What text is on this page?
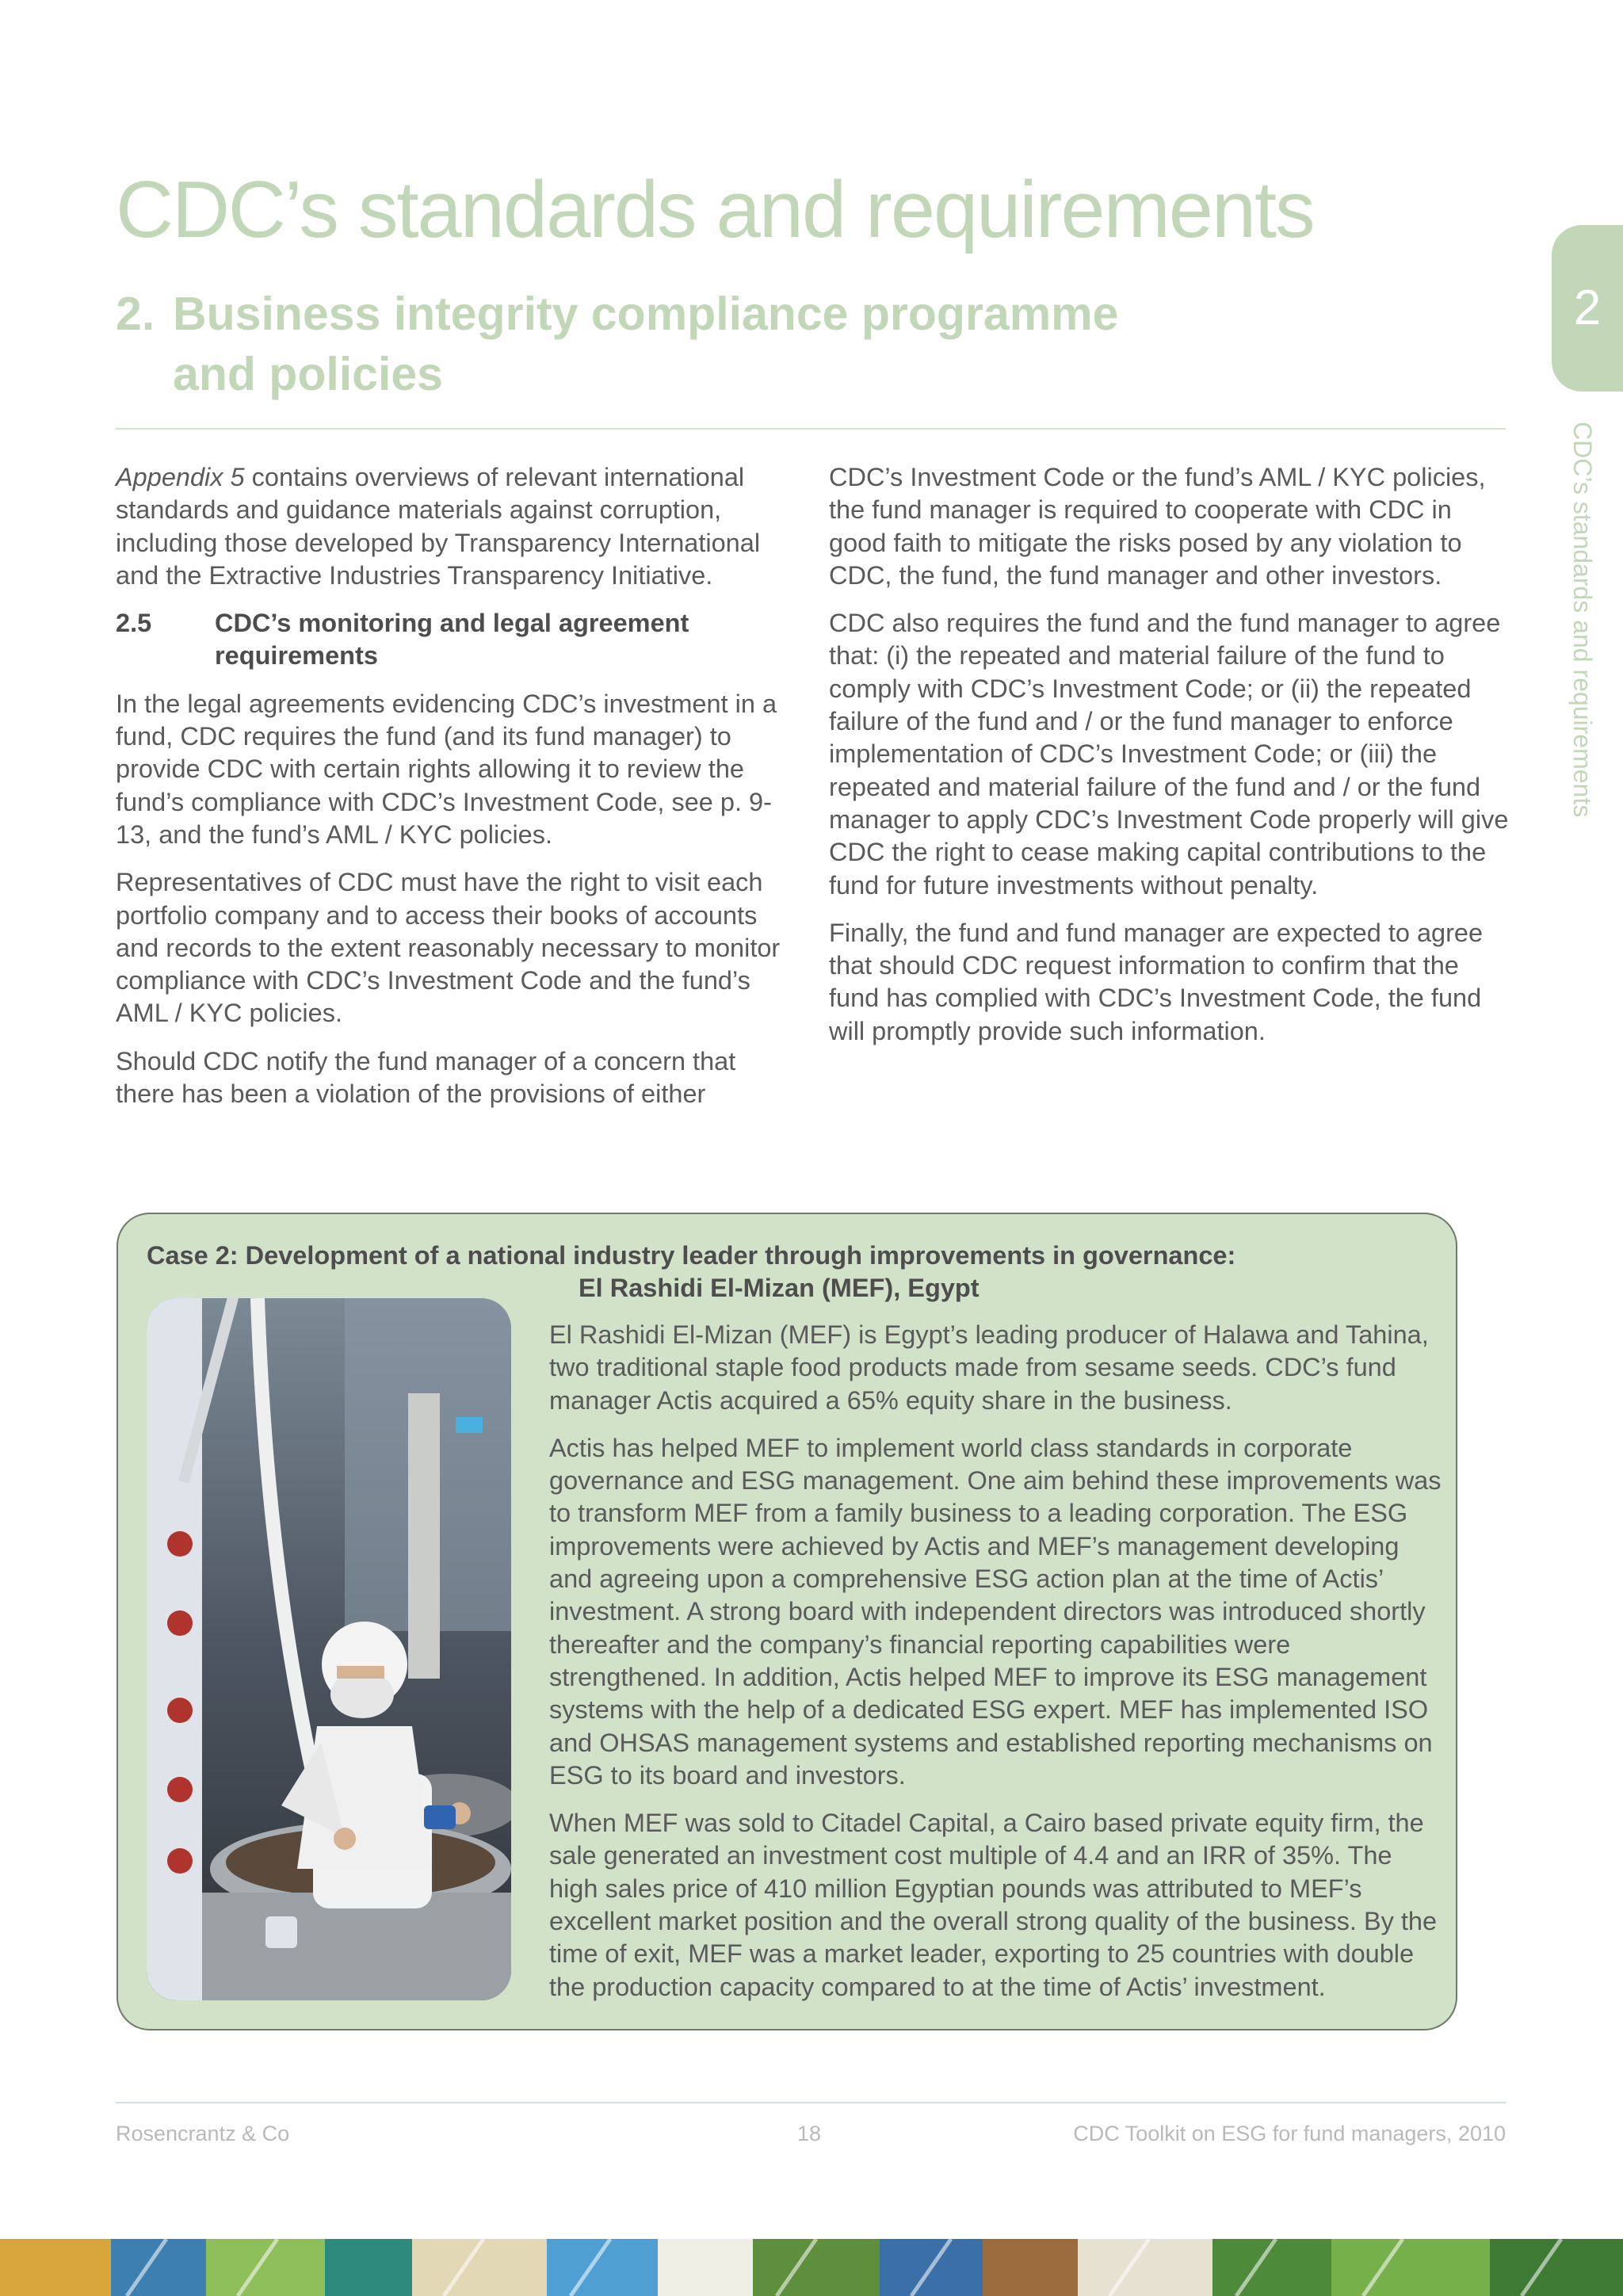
CDC’s standards and requirements
2. Business integrity compliance programme
and policies
2
CDC’s standards and requirements

Appendix 5 contains overviews of relevant international standards and guidance materials against corruption, including those developed by Transparency International and the Extractive Industries Transparency Initiative.

2.5	CDC’s monitoring and legal agreement requirements

In the legal agreements evidencing CDC’s investment in a fund, CDC requires the fund (and its fund manager) to provide CDC with certain rights allowing it to review the fund’s compliance with CDC’s Investment Code, see p. 9-13, and the fund’s AML / KYC policies.

Representatives of CDC must have the right to visit each portfolio company and to access their books of accounts and records to the extent reasonably necessary to monitor compliance with CDC’s Investment Code and the fund’s AML / KYC policies.

Should CDC notify the fund manager of a concern that there has been a violation of the provisions of either

CDC’s Investment Code or the fund’s AML / KYC policies, the fund manager is required to cooperate with CDC in good faith to mitigate the risks posed by any violation to CDC, the fund, the fund manager and other investors.

CDC also requires the fund and the fund manager to agree that: (i) the repeated and material failure of the fund to comply with CDC’s Investment Code; or (ii) the repeated failure of the fund and / or the fund manager to enforce implementation of CDC’s Investment Code; or (iii) the repeated and material failure of the fund and / or the fund manager to apply CDC’s Investment Code properly will give CDC the right to cease making capital contributions to the fund for future investments without penalty.

Finally, the fund and fund manager are expected to agree that should CDC request information to confirm that the fund has complied with CDC’s Investment Code, the fund will promptly provide such information.

Case 2: Development of a national industry leader through improvements in governance:
El Rashidi El-Mizan (MEF), Egypt

El Rashidi El-Mizan (MEF) is Egypt’s leading producer of Halawa and Tahina, two traditional staple food products made from sesame seeds. CDC’s fund manager Actis acquired a 65% equity share in the business.

Actis has helped MEF to implement world class standards in corporate governance and ESG management. One aim behind these improvements was to transform MEF from a family business to a leading corporation. The ESG improvements were achieved by Actis and MEF’s management developing and agreeing upon a comprehensive ESG action plan at the time of Actis’ investment. A strong board with independent directors was introduced shortly thereafter and the company’s financial reporting capabilities were strengthened. In addition, Actis helped MEF to improve its ESG management systems with the help of a dedicated ESG expert. MEF has implemented ISO and OHSAS management systems and established reporting mechanisms on ESG to its board and investors.

When MEF was sold to Citadel Capital, a Cairo based private equity firm, the sale generated an investment cost multiple of 4.4 and an IRR of 35%. The high sales price of 410 million Egyptian pounds was attributed to MEF’s excellent market position and the overall strong quality of the business. By the time of exit, MEF was a market leader, exporting to 25 countries with double the production capacity compared to at the time of Actis’ investment.

Rosencrantz & Co	18	CDC Toolkit on ESG for fund managers, 2010
